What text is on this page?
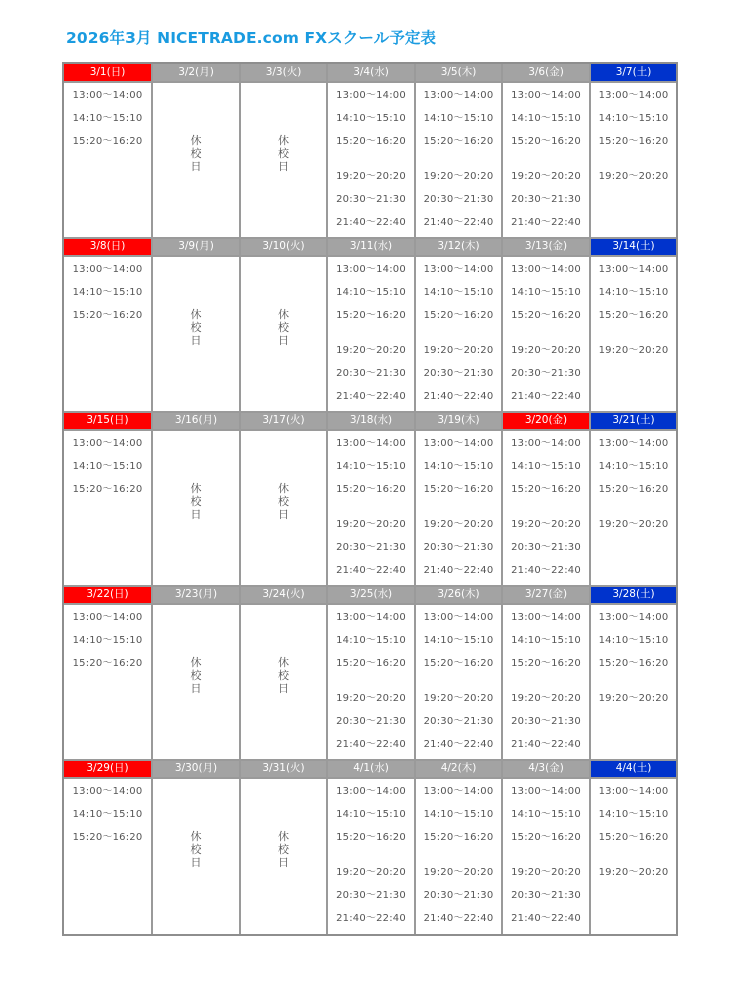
2026年3月 NICETRADE.com FXスクール予定表
3/1(日)
13:00～14:00
14:10～15:10
15:20～16:20
3/2(月)
休
校
日
3/3(火)
休
校
日
3/4(水)
13:00～14:00
14:10～15:10
15:20～16:20
19:20～20:20
20:30～21:30
21:40～22:40
3/5(木)
13:00～14:00
14:10～15:10
15:20～16:20
19:20～20:20
20:30～21:30
21:40～22:40
3/6(金)
13:00～14:00
14:10～15:10
15:20～16:20
19:20～20:20
20:30～21:30
21:40～22:40
3/7(土)
13:00～14:00
14:10～15:10
15:20～16:20
19:20～20:20
3/8(日)
13:00～14:00
14:10～15:10
15:20～16:20
3/9(月)
休
校
日
3/10(火)
休
校
日
3/11(水)
13:00～14:00
14:10～15:10
15:20～16:20
19:20～20:20
20:30～21:30
21:40～22:40
3/12(木)
13:00～14:00
14:10～15:10
15:20～16:20
19:20～20:20
20:30～21:30
21:40～22:40
3/13(金)
13:00～14:00
14:10～15:10
15:20～16:20
19:20～20:20
20:30～21:30
21:40～22:40
3/14(土)
13:00～14:00
14:10～15:10
15:20～16:20
19:20～20:20
3/15(日)
13:00～14:00
14:10～15:10
15:20～16:20
3/16(月)
休
校
日
3/17(火)
休
校
日
3/18(水)
13:00～14:00
14:10～15:10
15:20～16:20
19:20～20:20
20:30～21:30
21:40～22:40
3/19(木)
13:00～14:00
14:10～15:10
15:20～16:20
19:20～20:20
20:30～21:30
21:40～22:40
3/20(金)
13:00～14:00
14:10～15:10
15:20～16:20
19:20～20:20
20:30～21:30
21:40～22:40
3/21(土)
13:00～14:00
14:10～15:10
15:20～16:20
19:20～20:20
3/22(日)
13:00～14:00
14:10～15:10
15:20～16:20
3/23(月)
休
校
日
3/24(火)
休
校
日
3/25(水)
13:00～14:00
14:10～15:10
15:20～16:20
19:20～20:20
20:30～21:30
21:40～22:40
3/26(木)
13:00～14:00
14:10～15:10
15:20～16:20
19:20～20:20
20:30～21:30
21:40～22:40
3/27(金)
13:00～14:00
14:10～15:10
15:20～16:20
19:20～20:20
20:30～21:30
21:40～22:40
3/28(土)
13:00～14:00
14:10～15:10
15:20～16:20
19:20～20:20
3/29(日)
13:00～14:00
14:10～15:10
15:20～16:20
3/30(月)
休
校
日
3/31(火)
休
校
日
4/1(水)
13:00～14:00
14:10～15:10
15:20～16:20
19:20～20:20
20:30～21:30
21:40～22:40
4/2(木)
13:00～14:00
14:10～15:10
15:20～16:20
19:20～20:20
20:30～21:30
21:40～22:40
4/3(金)
13:00～14:00
14:10～15:10
15:20～16:20
19:20～20:20
20:30～21:30
21:40～22:40
4/4(土)
13:00～14:00
14:10～15:10
15:20～16:20
19:20～20:20
